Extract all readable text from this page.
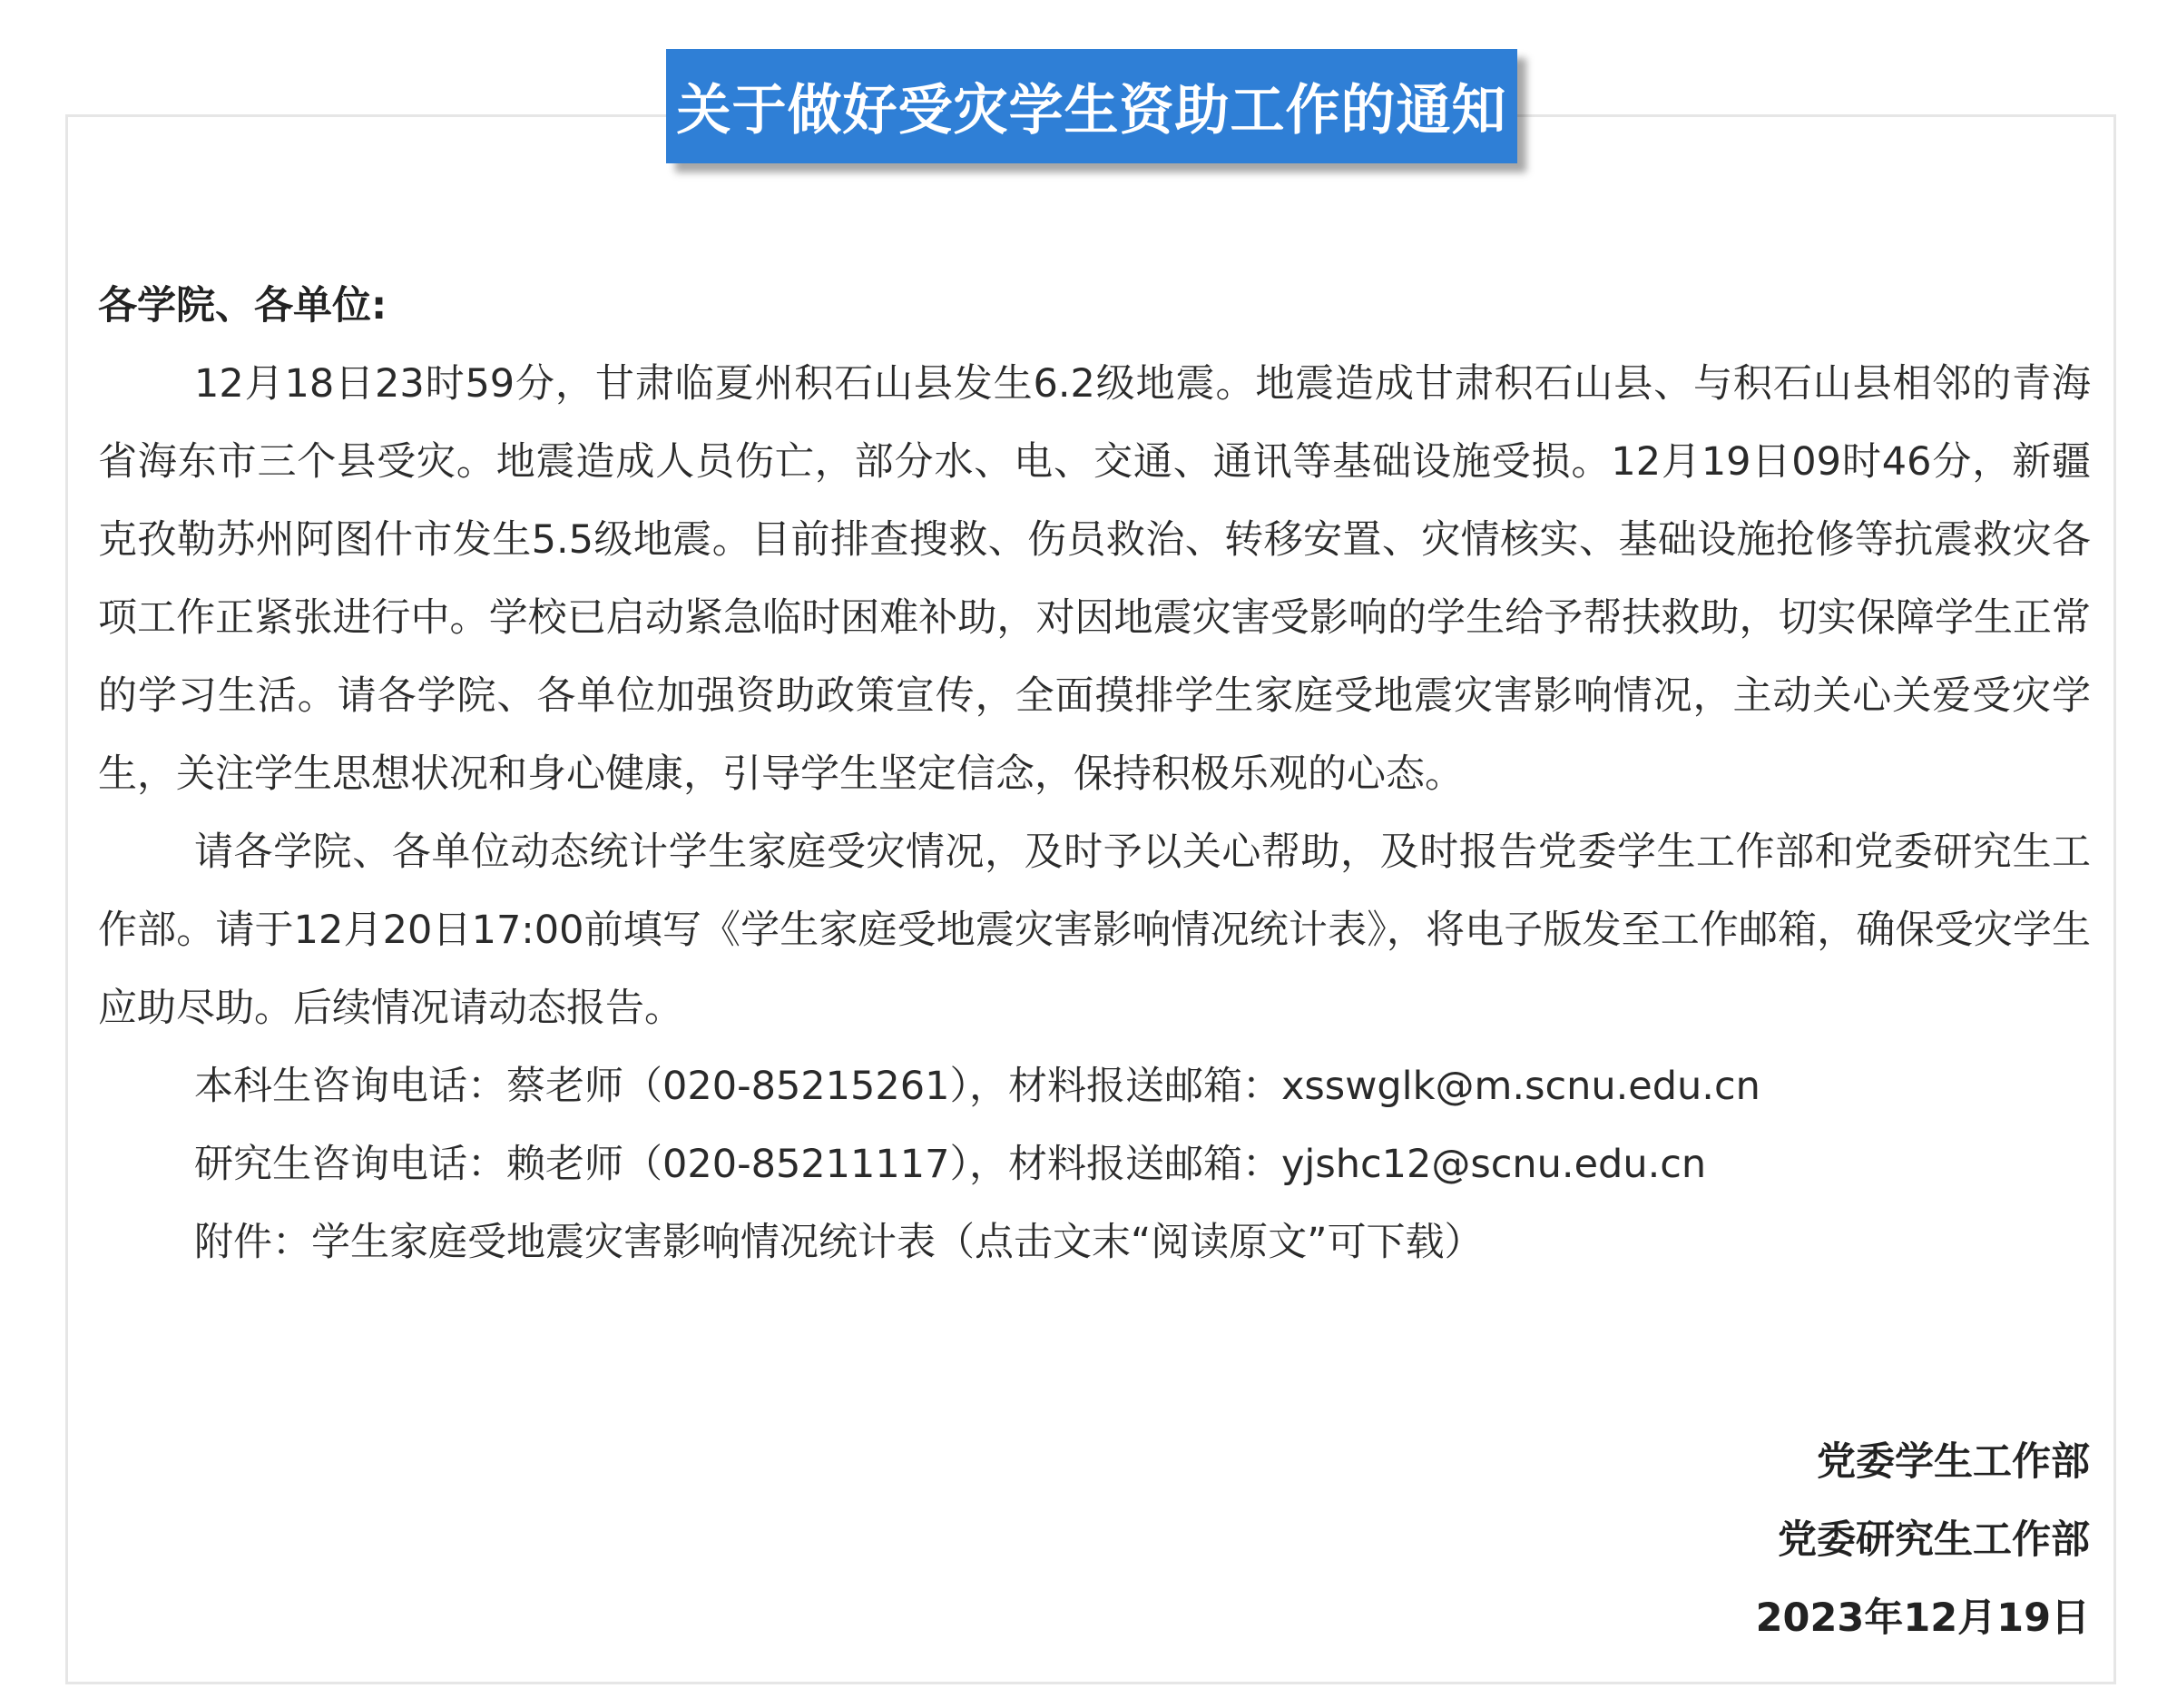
关于做好受灾学生资助工作的通知

各学院、各单位:

12月18日23时59分，甘肃临夏州积石山县发生6.2级地震。地震造成甘肃积石山县、与积石山县相邻的青海省海东市三个县受灾。地震造成人员伤亡，部分水、电、交通、通讯等基础设施受损。12月19日09时46分，新疆克孜勒苏州阿图什市发生5.5级地震。目前排查搜救、伤员救治、转移安置、灾情核实、基础设施抢修等抗震救灾各项工作正紧张进行中。学校已启动紧急临时困难补助，对因地震灾害受影响的学生给予帮扶救助，切实保障学生正常的学习生活。请各学院、各单位加强资助政策宣传，全面摸排学生家庭受地震灾害影响情况，主动关心关爱受灾学生，关注学生思想状况和身心健康，引导学生坚定信念，保持积极乐观的心态。

请各学院、各单位动态统计学生家庭受灾情况，及时予以关心帮助，及时报告党委学生工作部和党委研究生工作部。请于12月20日17:00前填写《学生家庭受地震灾害影响情况统计表》，将电子版发至工作邮箱，确保受灾学生应助尽助。后续情况请动态报告。

本科生咨询电话：蔡老师（020-85215261），材料报送邮箱：xsswglk@m.scnu.edu.cn

研究生咨询电话：赖老师（020-85211117），材料报送邮箱：yjshc12@scnu.edu.cn

附件：学生家庭受地震灾害影响情况统计表（点击文末“阅读原文”可下载）

党委学生工作部
党委研究生工作部
2023年12月19日
